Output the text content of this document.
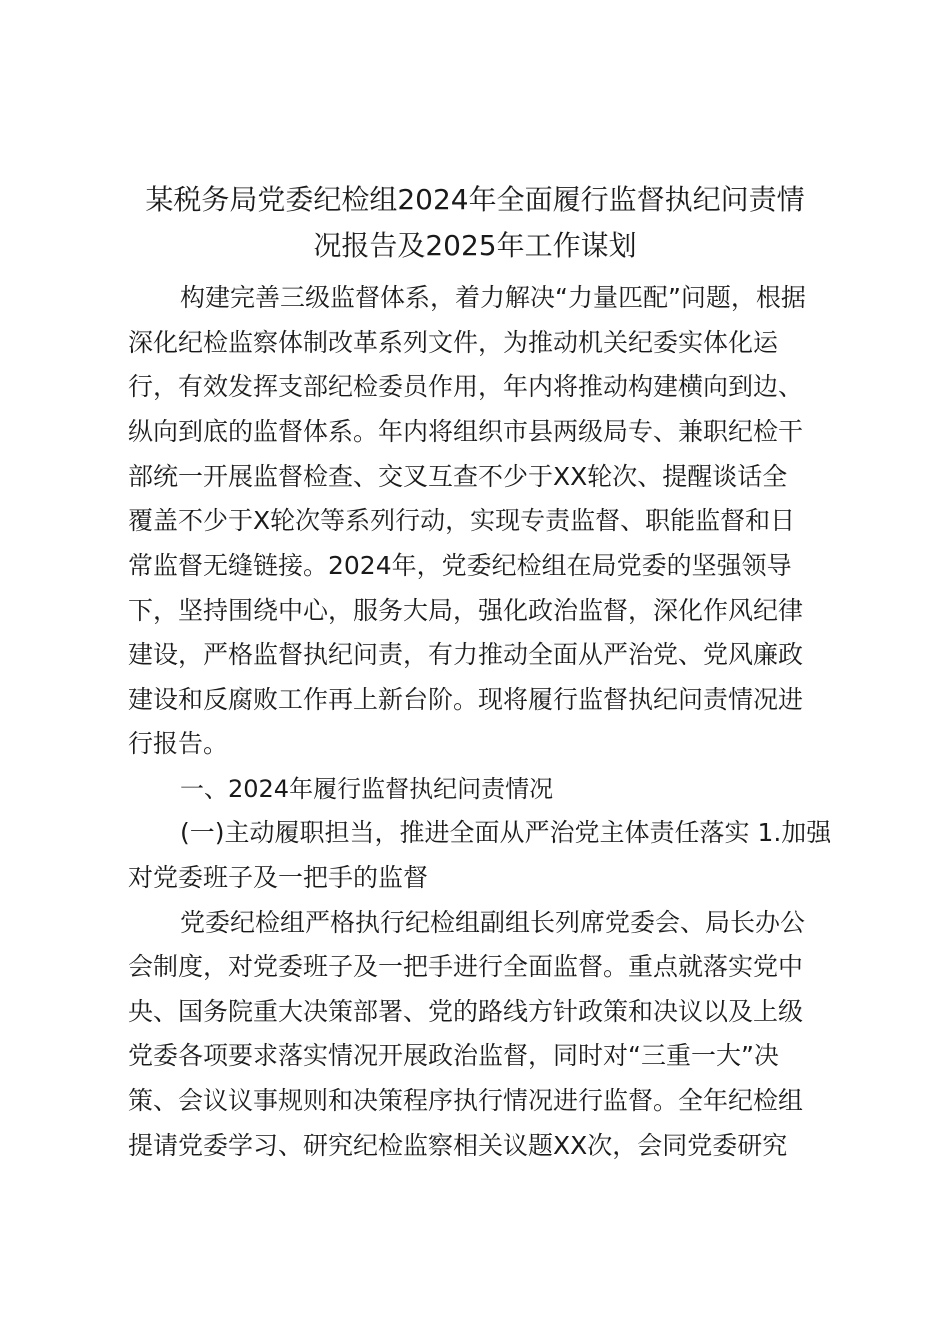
某税务局党委纪检组2024年全面履行监督执纪问责情
况报告及2025年工作谋划
构建完善三级监督体系，着力解决“力量匹配”问题，根据
深化纪检监察体制改革系列文件，为推动机关纪委实体化运
行，有效发挥支部纪检委员作用，年内将推动构建横向到边、
纵向到底的监督体系。年内将组织市县两级局专、兼职纪检干
部统一开展监督检查、交叉互查不少于XX轮次、提醒谈话全
覆盖不少于X轮次等系列行动，实现专责监督、职能监督和日
常监督无缝链接。2024年，党委纪检组在局党委的坚强领导
下，坚持围绕中心，服务大局，强化政治监督，深化作风纪律
建设，严格监督执纪问责，有力推动全面从严治党、党风廉政
建设和反腐败工作再上新台阶。现将履行监督执纪问责情况进
行报告。
一、2024年履行监督执纪问责情况
(一)主动履职担当，推进全面从严治党主体责任落实 1.加强
对党委班子及一把手的监督
党委纪检组严格执行纪检组副组长列席党委会、局长办公
会制度，对党委班子及一把手进行全面监督。重点就落实党中
央、国务院重大决策部署、党的路线方针政策和决议以及上级
党委各项要求落实情况开展政治监督，同时对“三重一大”决
策、会议议事规则和决策程序执行情况进行监督。全年纪检组
提请党委学习、研究纪检监察相关议题XX次，会同党委研究
